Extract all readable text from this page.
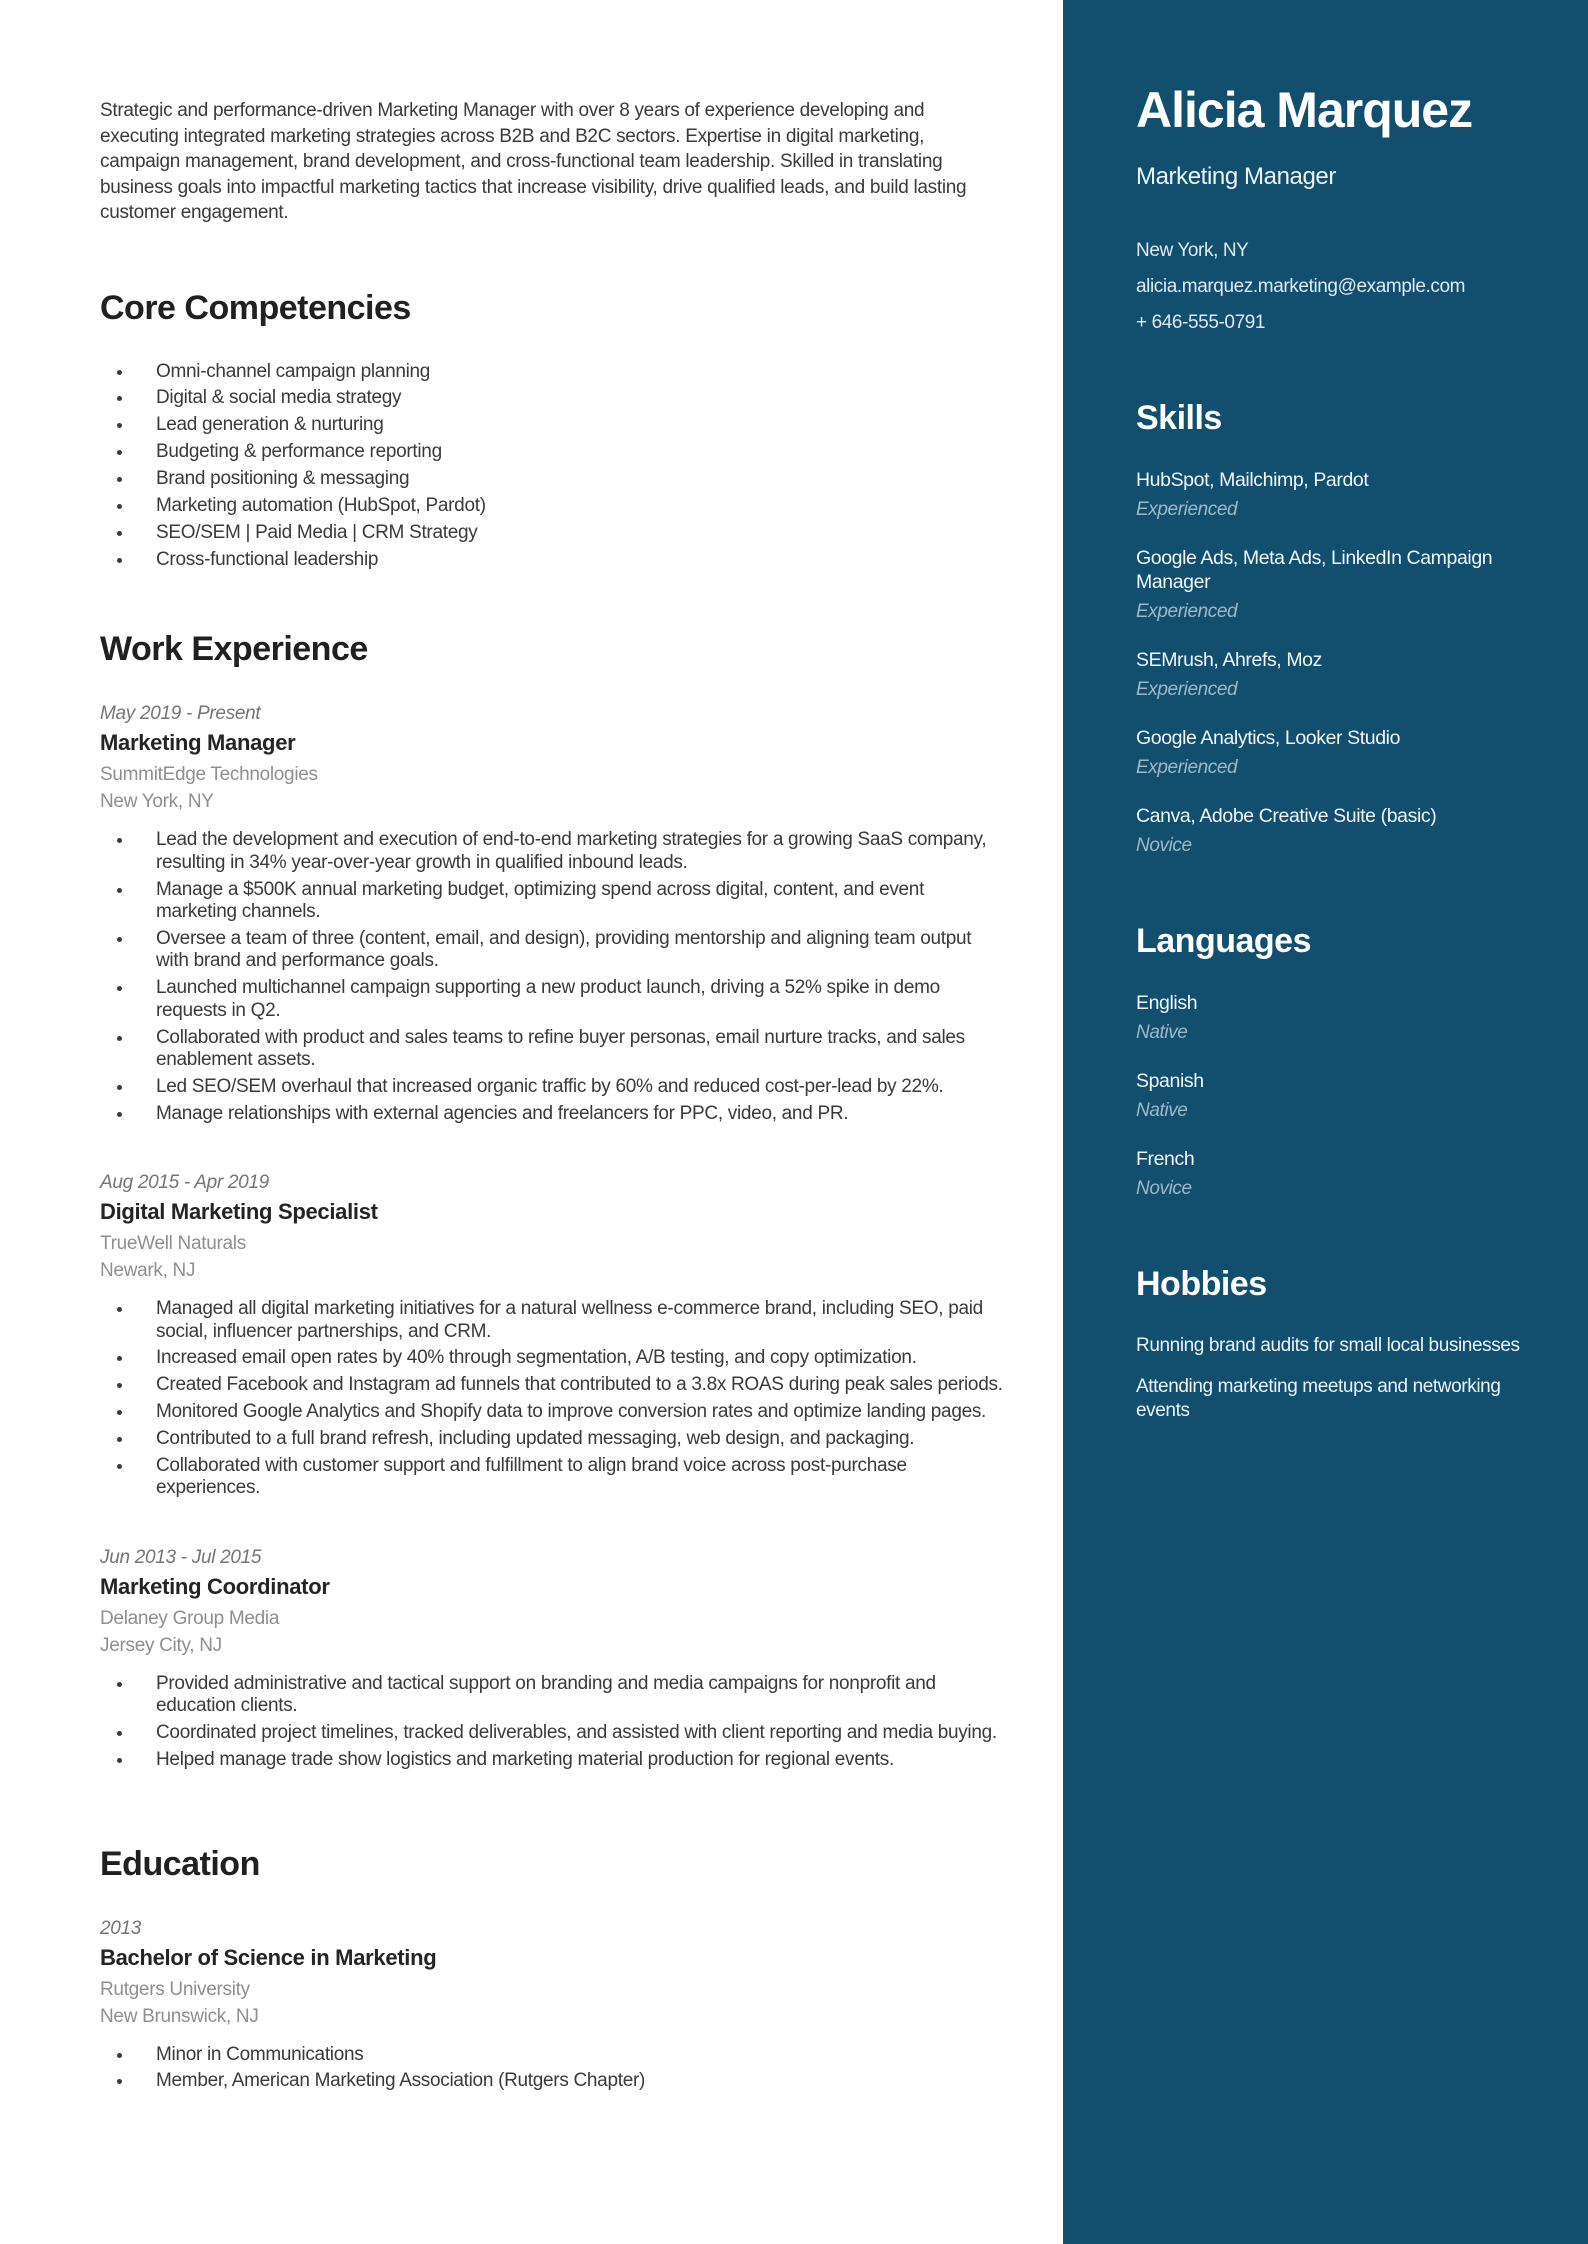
Strategic and performance-driven Marketing Manager with over 8 years of experience developing and executing integrated marketing strategies across B2B and B2C sectors. Expertise in digital marketing, campaign management, brand development, and cross-functional team leadership. Skilled in translating business goals into impactful marketing tactics that increase visibility, drive qualified leads, and build lasting customer engagement.

Core Competencies
• Omni-channel campaign planning
• Digital & social media strategy
• Lead generation & nurturing
• Budgeting & performance reporting
• Brand positioning & messaging
• Marketing automation (HubSpot, Pardot)
• SEO/SEM | Paid Media | CRM Strategy
• Cross-functional leadership
Work Experience

May 2019 - Present

Marketing Manager

SummitEdge Technologies

New York, NY

• Lead the development and execution of end-to-end marketing strategies for a growing SaaS company, resulting in 34% year-over-year growth in qualified inbound leads.
• Manage a $500K annual marketing budget, optimizing spend across digital, content, and event marketing channels.
• Oversee a team of three (content, email, and design), providing mentorship and aligning team output with brand and performance goals.
• Launched multichannel campaign supporting a new product launch, driving a 52% spike in demo requests in Q2.
• Collaborated with product and sales teams to refine buyer personas, email nurture tracks, and sales enablement assets.
• Led SEO/SEM overhaul that increased organic traffic by 60% and reduced cost-per-lead by 22%.
• Manage relationships with external agencies and freelancers for PPC, video, and PR.

Aug 2015 - Apr 2019

Digital Marketing Specialist

TrueWell Naturals

Newark, NJ

• Managed all digital marketing initiatives for a natural wellness e-commerce brand, including SEO, paid social, influencer partnerships, and CRM.
• Increased email open rates by 40% through segmentation, A/B testing, and copy optimization.
• Created Facebook and Instagram ad funnels that contributed to a 3.8x ROAS during peak sales periods.
• Monitored Google Analytics and Shopify data to improve conversion rates and optimize landing pages.
• Contributed to a full brand refresh, including updated messaging, web design, and packaging.
• Collaborated with customer support and fulfillment to align brand voice across post-purchase experiences.

Jun 2013 - Jul 2015

Marketing Coordinator

Delaney Group Media

Jersey City, NJ

• Provided administrative and tactical support on branding and media campaigns for nonprofit and education clients.
• Coordinated project timelines, tracked deliverables, and assisted with client reporting and media buying.
• Helped manage trade show logistics and marketing material production for regional events.
Education

2013

Bachelor of Science in Marketing

Rutgers University

New Brunswick, NJ

• Minor in Communications
• Member, American Marketing Association (Rutgers Chapter)
Alicia Marquez

Marketing Manager

New York, NY

alicia.marquez.marketing@example.com

+ 646-555-0791

Skills

HubSpot, Mailchimp, Pardot

Experienced

Google Ads, Meta Ads, LinkedIn Campaign Manager

Experienced

SEMrush, Ahrefs, Moz

Experienced

Google Analytics, Looker Studio

Experienced

Canva, Adobe Creative Suite (basic)

Novice

Languages

English

Native

Spanish

Native

French

Novice

Hobbies

Running brand audits for small local businesses

Attending marketing meetups and networking events
